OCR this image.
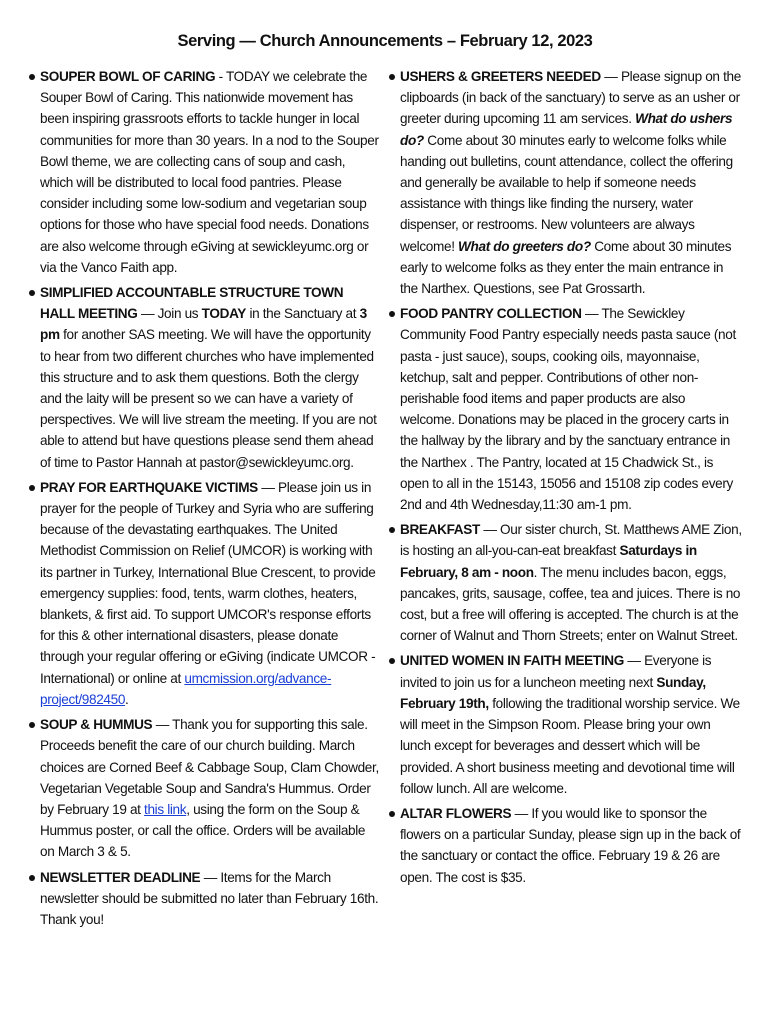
Serving — Church Announcements – February 12, 2023
SOUPER BOWL OF CARING - TODAY we celebrate the Souper Bowl of Caring. This nationwide movement has been inspiring grassroots efforts to tackle hunger in local communities for more than 30 years. In a nod to the Souper Bowl theme, we are collecting cans of soup and cash, which will be distributed to local food pantries. Please consider including some low-sodium and vegetarian soup options for those who have special food needs. Donations are also welcome through eGiving at sewickleyumc.org or via the Vanco Faith app.
SIMPLIFIED ACCOUNTABLE STRUCTURE TOWN HALL MEETING — Join us TODAY in the Sanctuary at 3 pm for another SAS meeting. We will have the opportunity to hear from two different churches who have implemented this structure and to ask them questions. Both the clergy and the laity will be present so we can have a variety of perspectives. We will live stream the meeting. If you are not able to attend but have questions please send them ahead of time to Pastor Hannah at pastor@sewickleyumc.org.
PRAY FOR EARTHQUAKE VICTIMS — Please join us in prayer for the people of Turkey and Syria who are suffering because of the devastating earthquakes. The United Methodist Commission on Relief (UMCOR) is working with its partner in Turkey, International Blue Crescent, to provide emergency supplies: food, tents, warm clothes, heaters, blankets, & first aid. To support UMCOR's response efforts for this & other international disasters, please donate through your regular offering or eGiving (indicate UMCOR - International) or online at umcmission.org/advance-project/982450.
SOUP & HUMMUS — Thank you for supporting this sale. Proceeds benefit the care of our church building. March choices are Corned Beef & Cabbage Soup, Clam Chowder, Vegetarian Vegetable Soup and Sandra's Hummus. Order by February 19 at this link, using the form on the Soup & Hummus poster, or call the office. Orders will be available on March 3 & 5.
NEWSLETTER DEADLINE — Items for the March newsletter should be submitted no later than February 16th. Thank you!
USHERS & GREETERS NEEDED — Please signup on the clipboards (in back of the sanctuary) to serve as an usher or greeter during upcoming 11 am services. What do ushers do? Come about 30 minutes early to welcome folks while handing out bulletins, count attendance, collect the offering and generally be available to help if someone needs assistance with things like finding the nursery, water dispenser, or restrooms. New volunteers are always welcome! What do greeters do? Come about 30 minutes early to welcome folks as they enter the main entrance in the Narthex. Questions, see Pat Grossarth.
FOOD PANTRY COLLECTION — The Sewickley Community Food Pantry especially needs pasta sauce (not pasta - just sauce), soups, cooking oils, mayonnaise, ketchup, salt and pepper. Contributions of other non-perishable food items and paper products are also welcome. Donations may be placed in the grocery carts in the hallway by the library and by the sanctuary entrance in the Narthex . The Pantry, located at 15 Chadwick St., is open to all in the 15143, 15056 and 15108 zip codes every 2nd and 4th Wednesday,11:30 am-1 pm.
BREAKFAST — Our sister church, St. Matthews AME Zion, is hosting an all-you-can-eat breakfast Saturdays in February, 8 am - noon. The menu includes bacon, eggs, pancakes, grits, sausage, coffee, tea and juices. There is no cost, but a free will offering is accepted. The church is at the corner of Walnut and Thorn Streets; enter on Walnut Street.
UNITED WOMEN IN FAITH MEETING — Everyone is invited to join us for a luncheon meeting next Sunday, February 19th, following the traditional worship service. We will meet in the Simpson Room. Please bring your own lunch except for beverages and dessert which will be provided. A short business meeting and devotional time will follow lunch. All are welcome.
ALTAR FLOWERS — If you would like to sponsor the flowers on a particular Sunday, please sign up in the back of the sanctuary or contact the office. February 19 & 26 are open. The cost is $35.
